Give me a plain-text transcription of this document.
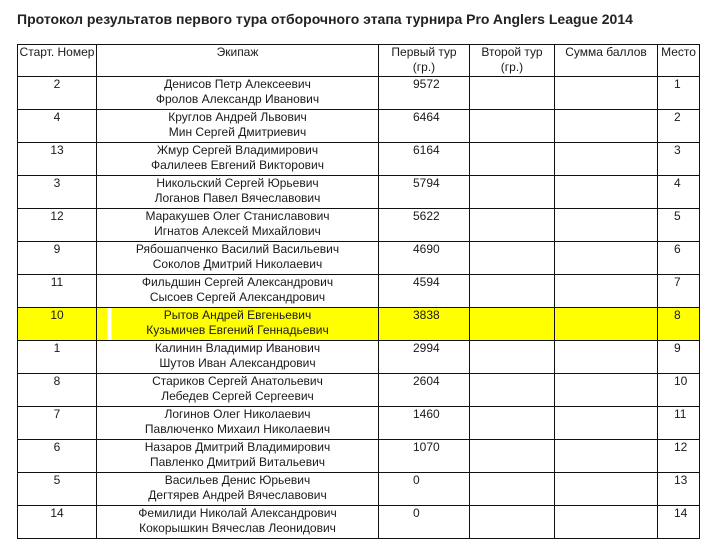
Протокол результатов первого тура отборочного этапа турнира Pro Anglers League 2014
Старт. Номер	Экипаж	Первый тур (гр.)	Второй тур (гр.)	Сумма баллов	Место
2	Денисов Петр Алексеевич
Фролов Александр Иванович	9572			1
4	Круглов Андрей Львович
Мин Сергей Дмитриевич	6464			2
13	Жмур Сергей Владимирович
Фалилеев Евгений Викторович	6164			3
3	Никольский Сергей Юрьевич
Логанов Павел Вячеславович	5794			4
12	Маракушев Олег Станиславович
Игнатов Алексей Михайлович	5622			5
9	Рябошапченко Василий Васильевич
Соколов Дмитрий Николаевич	4690			6
11	Фильдшин Сергей Александрович
Сысоев Сергей Александрович	4594			7
10	Рытов Андрей Евгеньевич
Кузьмичев Евгений Геннадьевич	3838			8
1	Калинин Владимир Иванович
Шутов Иван Александрович	2994			9
8	Стариков Сергей Анатольевич
Лебедев Сергей Сергеевич	2604			10
7	Логинов Олег Николаевич
Павлюченко Михаил Николаевич	1460			11
6	Назаров Дмитрий Владимирович
Павленко Дмитрий Витальевич	1070			12
5	Васильев Денис Юрьевич
Дегтярев Андрей Вячеславович	0			13
14	Фемилиди Николай Александрович
Кокорышкин Вячеслав Леонидович	0			14
